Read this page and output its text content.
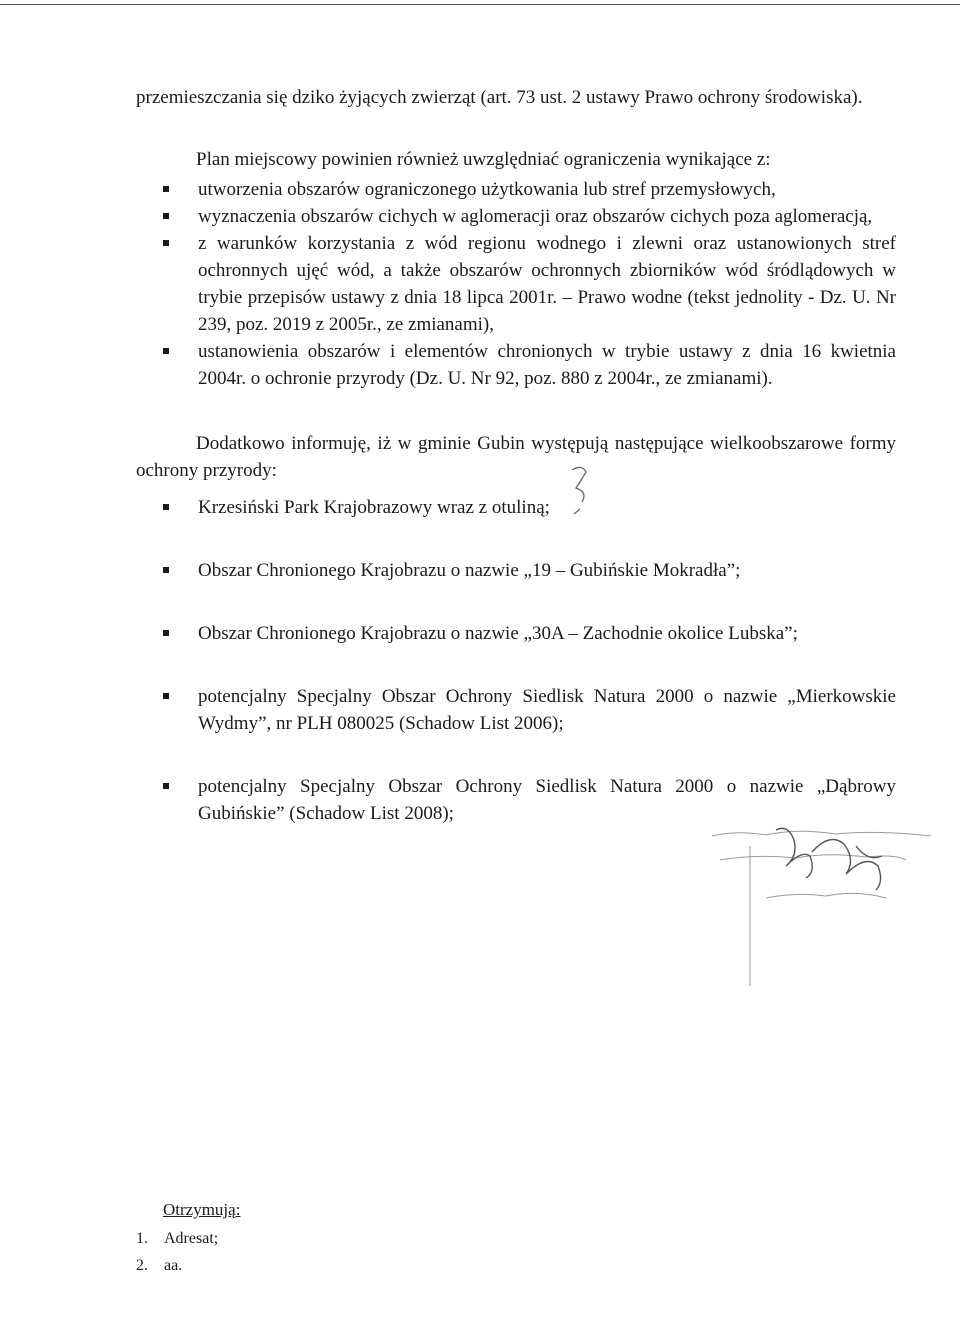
przemieszczania się dziko żyjących zwierząt (art. 73 ust. 2 ustawy Prawo ochrony środowiska).

Plan miejscowy powinien również uwzględniać ograniczenia wynikające z:

utworzenia obszarów ograniczonego użytkowania lub stref przemysłowych,
wyznaczenia obszarów cichych w aglomeracji oraz obszarów cichych poza aglomeracją,
z warunków korzystania z wód regionu wodnego i zlewni oraz ustanowionych stref ochronnych ujęć wód, a także obszarów ochronnych zbiorników wód śródlądowych w trybie przepisów ustawy z dnia 18 lipca 2001r. – Prawo wodne (tekst jednolity - Dz. U. Nr 239, poz. 2019 z 2005r., ze zmianami),
ustanowienia obszarów i elementów chronionych w trybie ustawy z dnia 16 kwietnia 2004r. o ochronie przyrody (Dz. U. Nr 92, poz. 880 z 2004r., ze zmianami).

Dodatkowo informuję, iż w gminie Gubin występują następujące wielkoobszarowe formy ochrony przyrody:

Krzesiński Park Krajobrazowy wraz z otuliną;
Obszar Chronionego Krajobrazu o nazwie „19 – Gubińskie Mokradła”;
Obszar Chronionego Krajobrazu o nazwie „30A – Zachodnie okolice Lubska”;
potencjalny Specjalny Obszar Ochrony Siedlisk Natura 2000 o nazwie „Mierkowskie Wydmy”, nr PLH 080025 (Schadow List 2006);
potencjalny Specjalny Obszar Ochrony Siedlisk Natura 2000 o nazwie „Dąbrowy Gubińskie” (Schadow List 2008);
Otrzymują:
1. Adresat;
2. aa.
